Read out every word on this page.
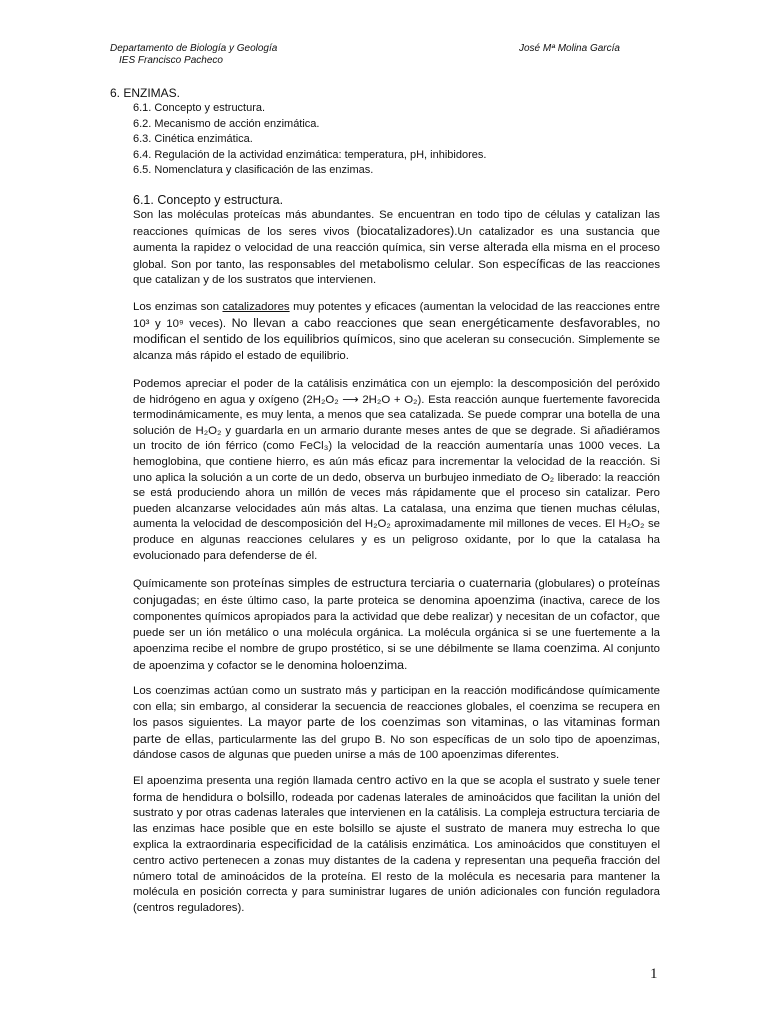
Departamento de Biología y Geología
IES Francisco Pacheco
José Mª Molina García
6. ENZIMAS.
6.1. Concepto y estructura.
6.2. Mecanismo de acción enzimática.
6.3. Cinética enzimática.
6.4. Regulación de la actividad enzimática: temperatura, pH, inhibidores.
6.5. Nomenclatura y clasificación de las enzimas.
6.1. Concepto y estructura.

Son las moléculas proteícas más abundantes. Se encuentran en todo tipo de células y catalizan las reacciones químicas de los seres vivos (biocatalizadores).Un catalizador es una sustancia que aumenta la rapidez o velocidad de una reacción química, sin verse alterada ella misma en el proceso global. Son por tanto, las responsables del metabolismo celular. Son específicas de las reacciones que catalizan y de los sustratos que intervienen.

Los enzimas son catalizadores muy potentes y eficaces (aumentan la velocidad de las reacciones entre 10³ y 10⁹ veces). No llevan a cabo reacciones que sean energéticamente desfavorables, no modifican el sentido de los equilibrios químicos, sino que aceleran su consecución. Simplemente se alcanza más rápido el estado de equilibrio.

Podemos apreciar el poder de la catálisis enzimática con un ejemplo: la descomposición del peróxido de hidrógeno en agua y oxígeno (2H₂O₂ ⟶ 2H₂O + O₂). Esta reacción aunque fuertemente favorecida termodinámicamente, es muy lenta, a menos que sea catalizada. Se puede comprar una botella de una solución de H₂O₂ y guardarla en un armario durante meses antes de que se degrade. Si añadiéramos un trocito de ión férrico (como FeCl₃) la velocidad de la reacción aumentaría unas 1000 veces. La hemoglobina, que contiene hierro, es aún más eficaz para incrementar la velocidad de la reacción. Si uno aplica la solución a un corte de un dedo, observa un burbujeo inmediato de O₂ liberado: la reacción se está produciendo ahora un millón de veces más rápidamente que el proceso sin catalizar. Pero pueden alcanzarse velocidades aún más altas. La catalasa, una enzima que tienen muchas células, aumenta la velocidad de descomposición del H₂O₂ aproximadamente mil millones de veces. El H₂O₂ se produce en algunas reacciones celulares y es un peligroso oxidante, por lo que la catalasa ha evolucionado para defenderse de él.

Químicamente son proteínas simples de estructura terciaria o cuaternaria (globulares) o proteínas conjugadas; en éste último caso, la parte proteica se denomina apoenzima (inactiva, carece de los componentes químicos apropiados para la actividad que debe realizar) y necesitan de un cofactor, que puede ser un ión metálico o una molécula orgánica. La molécula orgánica si se une fuertemente a la apoenzima recibe el nombre de grupo prostético, si se une débilmente se llama coenzima. Al conjunto de apoenzima y cofactor se le denomina holoenzima.

Los coenzimas actúan como un sustrato más y participan en la reacción modificándose químicamente con ella; sin embargo, al considerar la secuencia de reacciones globales, el coenzima se recupera en los pasos siguientes. La mayor parte de los coenzimas son vitaminas, o las vitaminas forman parte de ellas, particularmente las del grupo B. No son específicas de un solo tipo de apoenzimas, dándose casos de algunas que pueden unirse a más de 100 apoenzimas diferentes.

El apoenzima presenta una región llamada centro activo en la que se acopla el sustrato y suele tener forma de hendidura o bolsillo, rodeada por cadenas laterales de aminoácidos que facilitan la unión del sustrato y por otras cadenas laterales que intervienen en la catálisis. La compleja estructura terciaria de las enzimas hace posible que en este bolsillo se ajuste el sustrato de manera muy estrecha lo que explica la extraordinaria especificidad de la catálisis enzimática. Los aminoácidos que constituyen el centro activo pertenecen a zonas muy distantes de la cadena y representan una pequeña fracción del número total de aminoácidos de la proteína. El resto de la molécula es necesaria para mantener la molécula en posición correcta y para suministrar lugares de unión adicionales con función reguladora (centros reguladores).

1
